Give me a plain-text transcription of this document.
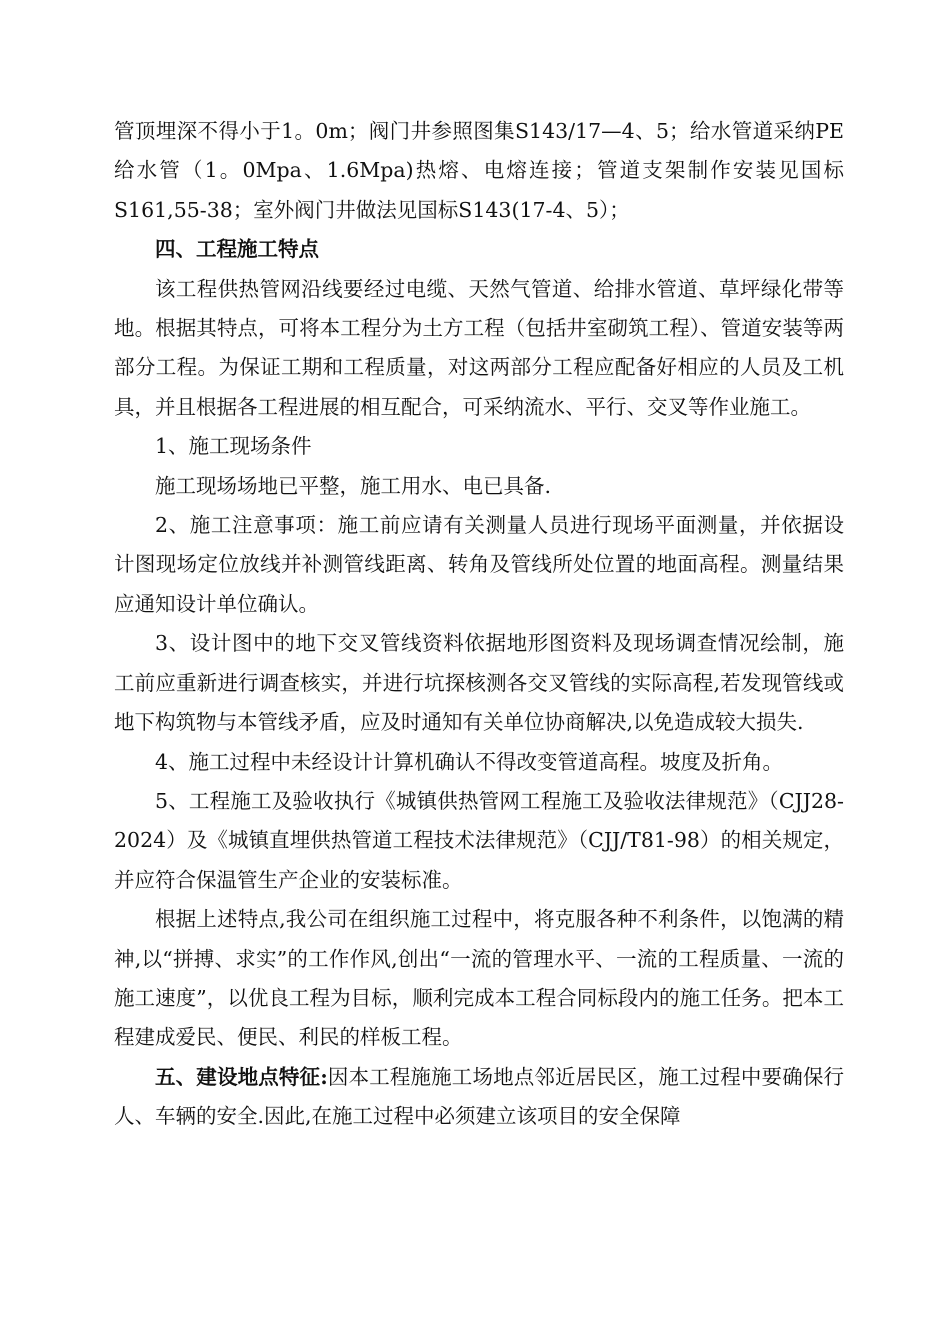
管顶埋深不得小于1。0m；阀门井参照图集S143/17—4、5；给水管道采纳PE给水管（1。0Mpa、1.6Mpa)热熔、电熔连接；管道支架制作安装见国标S161,55-38；室外阀门井做法见国标S143(17-4、5）；

四、工程施工特点

该工程供热管网沿线要经过电缆、天然气管道、给排水管道、草坪绿化带等地。根据其特点，可将本工程分为土方工程（包括井室砌筑工程）、管道安装等两部分工程。为保证工期和工程质量，对这两部分工程应配备好相应的人员及工机具，并且根据各工程进展的相互配合，可采纳流水、平行、交叉等作业施工。

1、施工现场条件

施工现场场地已平整，施工用水、电已具备.

2、施工注意事项：施工前应请有关测量人员进行现场平面测量，并依据设计图现场定位放线并补测管线距离、转角及管线所处位置的地面高程。测量结果应通知设计单位确认。

3、设计图中的地下交叉管线资料依据地形图资料及现场调查情况绘制，施工前应重新进行调查核实，并进行坑探核测各交叉管线的实际高程,若发现管线或地下构筑物与本管线矛盾，应及时通知有关单位协商解决,以免造成较大损失.

4、施工过程中未经设计计算机确认不得改变管道高程。坡度及折角。

5、工程施工及验收执行《城镇供热管网工程施工及验收法律规范》（CJJ28-2024）及《城镇直埋供热管道工程技术法律规范》（CJJ/T81-98）的相关规定，并应符合保温管生产企业的安装标准。

根据上述特点,我公司在组织施工过程中，将克服各种不利条件，以饱满的精神,以“拼搏、求实”的工作作风,创出“一流的管理水平、一流的工程质量、一流的施工速度”，以优良工程为目标，顺利完成本工程合同标段内的施工任务。把本工程建成爱民、便民、利民的样板工程。

五、建设地点特征:因本工程施施工场地点邻近居民区，施工过程中要确保行人、车辆的安全.因此,在施工过程中必须建立该项目的安全保障
